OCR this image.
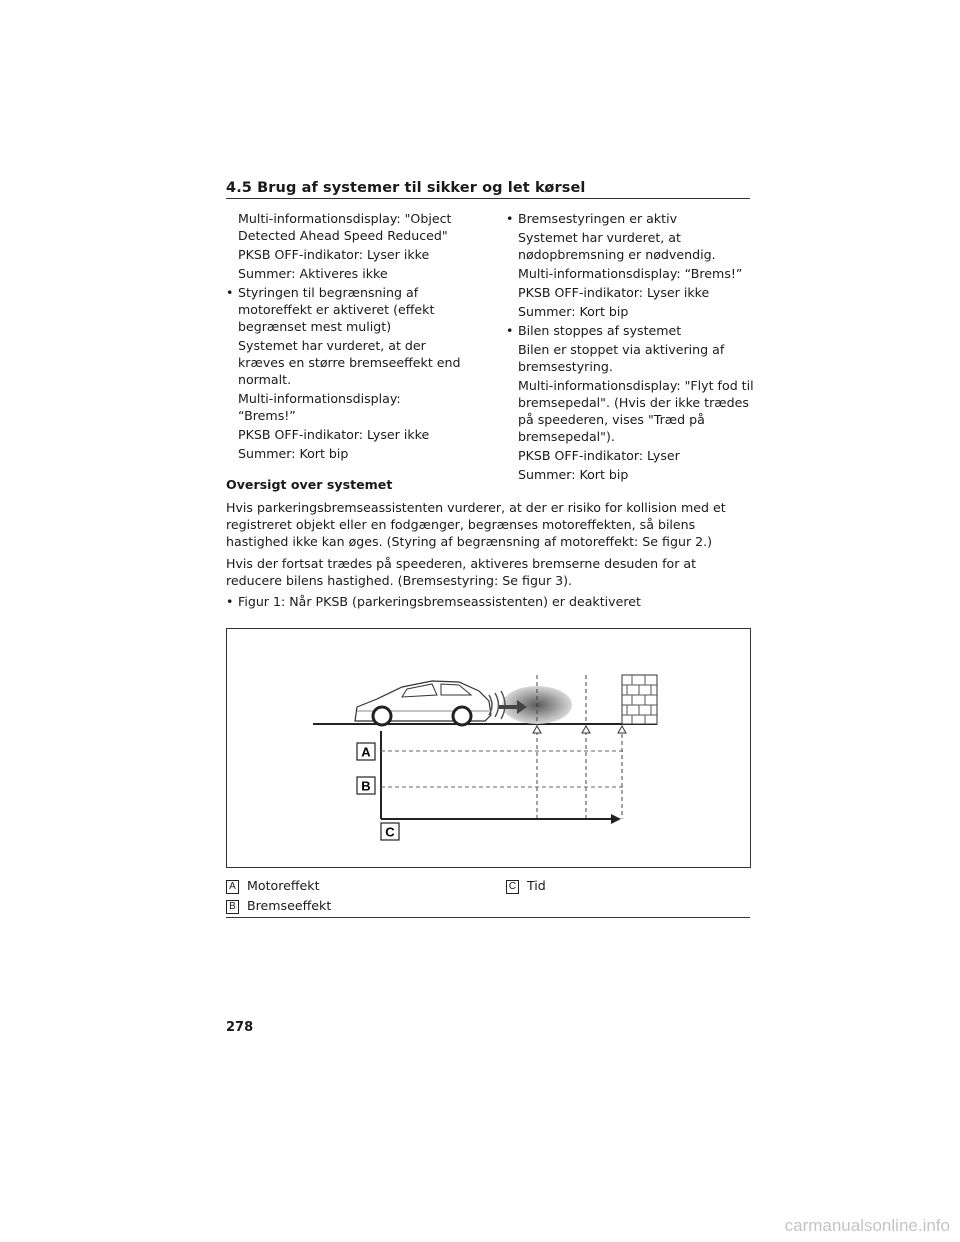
4.5 Brug af systemer til sikker og let kørsel
Multi-informationsdisplay: "Object Detected Ahead Speed Reduced"
PKSB OFF-indikator: Lyser ikke
Summer: Aktiveres ikke
• Styringen til begrænsning af motoreffekt er aktiveret (effekt begrænset mest muligt)
Systemet har vurderet, at der kræves en større bremseeffekt end normalt.
Multi-informationsdisplay: “Brems!”
PKSB OFF-indikator: Lyser ikke
Summer: Kort bip
• Bremsestyringen er aktiv
Systemet har vurderet, at nødopbremsning er nødvendig.
Multi-informationsdisplay: “Brems!”
PKSB OFF-indikator: Lyser ikke
Summer: Kort bip
• Bilen stoppes af systemet
Bilen er stoppet via aktivering af bremsestyring.
Multi-informationsdisplay: "Flyt fod til bremsepedal". (Hvis der ikke trædes på speederen, vises "Træd på bremsepedal").
PKSB OFF-indikator: Lyser
Summer: Kort bip
Oversigt over systemet
Hvis parkeringsbremseassistenten vurderer, at der er risiko for kollision med et registreret objekt eller en fodgænger, begrænses motoreffekten, så bilens hastighed ikke kan øges. (Styring af begrænsning af motoreffekt: Se figur 2.)
Hvis der fortsat trædes på speederen, aktiveres bremserne desuden for at reducere bilens hastighed. (Bremsestyring: Se figur 3).
• Figur 1: Når PKSB (parkeringsbremseassistenten) er deaktiveret
A
B
C
A Motoreffekt
B Bremseeffekt
C Tid
278
carmanualsonline.info
